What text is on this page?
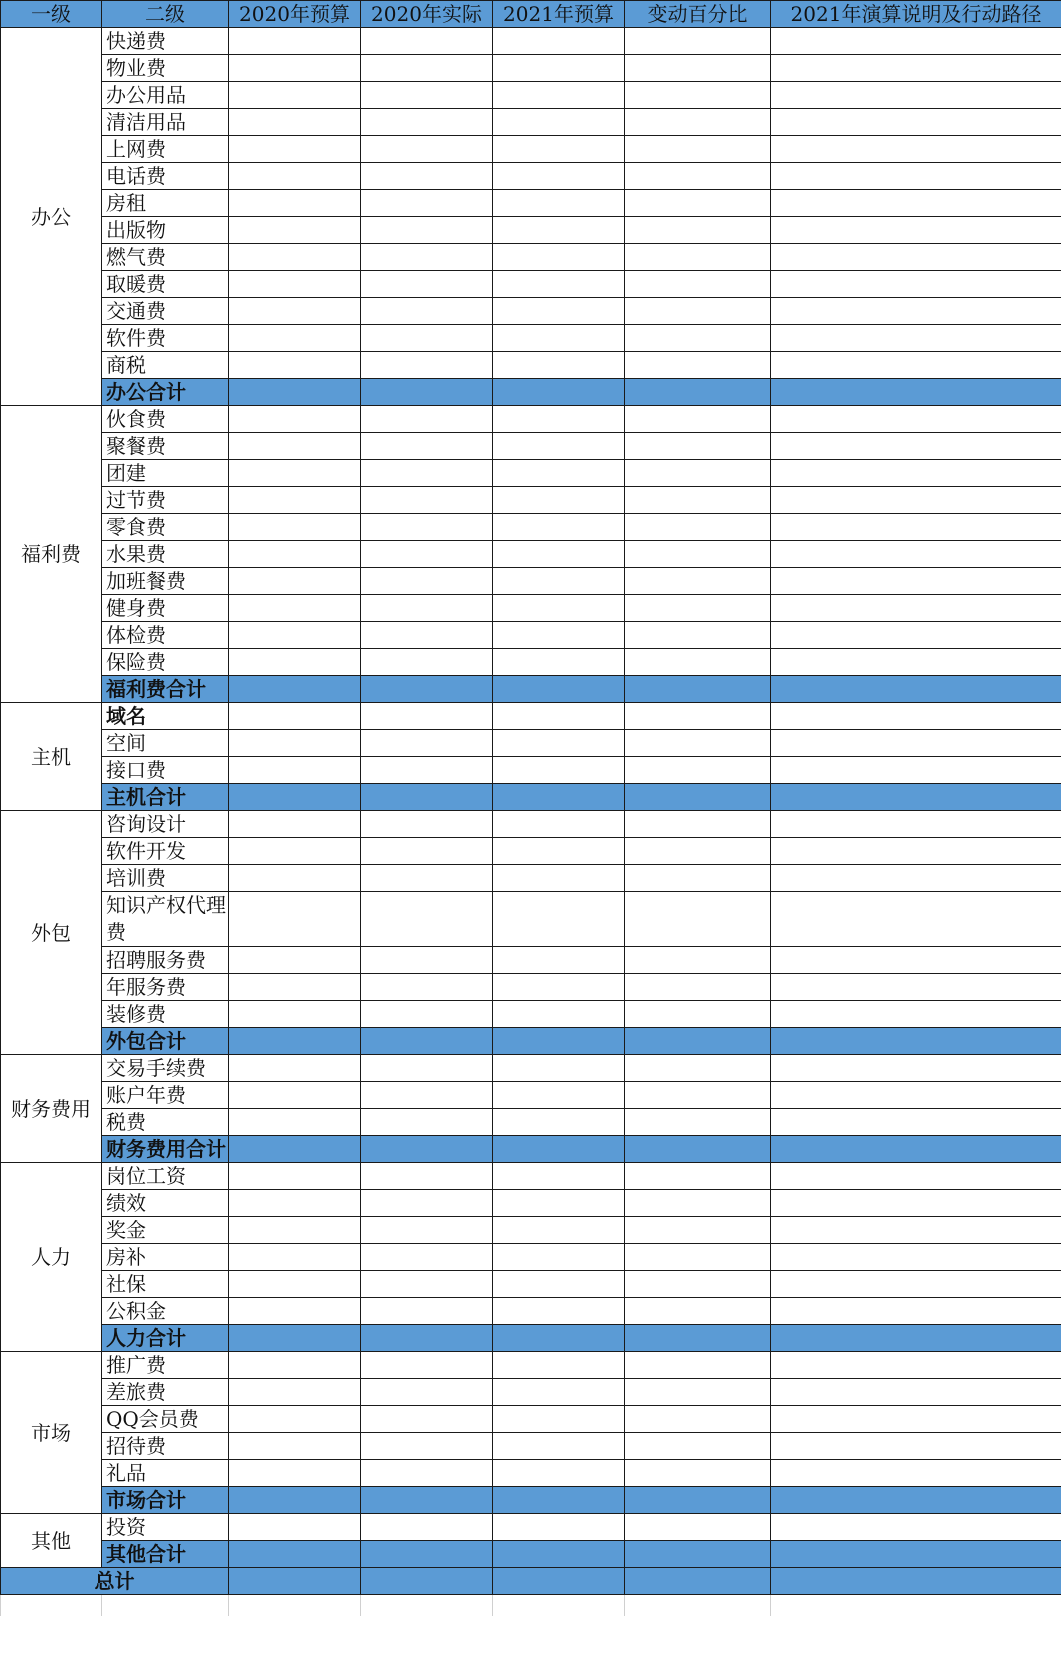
一级	二级	2020年预算	2020年实际	2021年预算	变动百分比	2021年演算说明及行动路径
办公	快递费					
	物业费					
	办公用品					
	清洁用品					
	上网费					
	电话费					
	房租					
	出版物					
	燃气费					
	取暖费					
	交通费					
	软件费					
	商税					
	办公合计					
福利费	伙食费					
	聚餐费					
	团建					
	过节费					
	零食费					
	水果费					
	加班餐费					
	健身费					
	体检费					
	保险费					
	福利费合计					
主机	域名					
	空间					
	接口费					
	主机合计					
外包	咨询设计					
	软件开发					
	培训费					
	知识产权代理费					
	招聘服务费					
	年服务费					
	装修费					
	外包合计					
财务费用	交易手续费					
	账户年费					
	税费					
	财务费用合计					
人力	岗位工资					
	绩效					
	奖金					
	房补					
	社保					
	公积金					
	人力合计					
市场	推广费					
	差旅费					
	QQ会员费					
	招待费					
	礼品					
	市场合计					
其他	投资					
	其他合计					
总计						
